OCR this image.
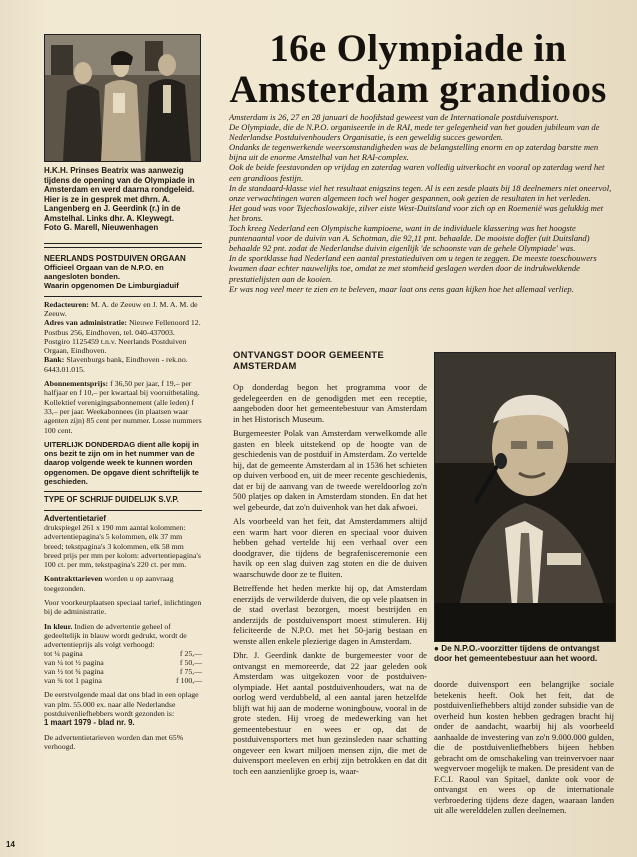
H.K.H. Prinses Beatrix was aanwezig tijdens de opening van de Olympiade in Amsterdam en werd daarna rondgeleid. Hier is ze in gesprek met dhrn. A. Langenberg en J. Geerdink (r.) in de Amstelhal. Links dhr. A. Kleywegt.

Foto G. Marell, Nieuwenhagen

NEERLANDS POSTDUIVEN ORGAAN

Officieel Orgaan van de N.P.O. en aangesloten bonden.

Waarin opgenomen De Limburgiaduif

Redacteuren: M. A. de Zeeuw en J. M. A. M. de Zeeuw.

Adres van administratie: Nieuwe Fellenoord 12. Postbus 256, Eindhoven, tel. 040-437003. Postgiro 1125459 t.n.v. Neerlands Postduiven Orgaan, Eindhoven.

Bank: Slavenburgs bank, Eindhoven - rek.no. 6443.01.015.

Abonnementsprijs: f 36,50 per jaar, f 19,– per halfjaar en f 10,– per kwartaal bij vooruitbetaling. Kollektief verenigingsabonnement (alle leden) f 33,– per jaar. Weekabonnees (in plaatsen waar agenten zijn) 85 cent per nummer. Losse nummers 100 cent.

UITERLIJK DONDERDAG dient alle kopij in ons bezit te zijn om in het nummer van de daarop volgende week te kunnen worden opgenomen. De opgave dient schriftelijk te geschieden.

TYPE OF SCHRIJF DUIDELIJK S.V.P.

Advertentietarief

drukspiegel 261 x 190 mm aantal kolommen: advertentiepagina's 5 kolommen, elk 37 mm breed; tekstpagina's 3 kolommen, elk 58 mm breed prijs per mm per kolom: advertentiepagina's 100 ct. per mm, tekstpagina's 220 ct. per mm.

Kontrakttarieven worden u op aanvraag toegezonden.

Voor voorkeurplaatsen speciaal tarief, inlichtingen bij de administratie.

In kleur. Indien de advertentie geheel of gedeeltelijk in blauw wordt gedrukt, wordt de advertentieprijs als volgt verhoogd:

tot ¼ pagina	f 25,—
van ¼ tot ½ pagina	f 50,—
van ½ tot ¾ pagina	f 75,—
van ¾ tot 1 pagina	f 100,—

De eerstvolgende maal dat ons blad in een oplage van plm. 55.000 ex. naar alle Nederlandse postduivenliefhebbers wordt gezonden is:

1 maart 1979 - blad nr. 9.

De advertentietarieven worden dan met 65% verhoogd.

14
16e Olympiade in
Amsterdam grandioos

Amsterdam is 26, 27 en 28 januari de hoofdstad geweest van de Internationale postduivensport.

De Olympiade, die de N.P.O. organiseerde in de RAI, mede ter gelegenheid van het gouden jubileum van de Nederlandse Postduivenhouders Organisatie, is een geweldig succes geworden.

Ondanks de tegenwerkende weersomstandigheden was de belangstelling enorm en op zaterdag barstte men bijna uit de enorme Amstelhal van het RAI-complex.

Ook de beide feestavonden op vrijdag en zaterdag waren volledig uitverkocht en vooral op zaterdag werd het een grandioos festijn.

In de standaard-klasse viel het resultaat enigszins tegen. Al is een zesde plaats bij 18 deelnemers niet oneervol, onze verwachtingen waren algemeen toch wel hoger gespannen, ook gezien de resultaten in het verleden.

Het goud was voor Tsjechoslowakije, zilver eiste West-Duitsland voor zich op en Roemenië was gelukkig met het brons.

Toch kreeg Nederland een Olympische kampioene, want in de individuele klassering was het hoogste puntenaantal voor de duivin van A. Schotman, die 92,11 pnt. behaalde. De mooiste doffer (uit Duitsland) behaalde 92 pnt. zodat de Nederlandse duivin eigenlijk 'de schoonste van de gehele Olympiade' was.

In de sportklasse had Nederland een aantal prestatieduiven om u tegen te zeggen. De meeste toeschouwers kwamen daar echter nauwelijks toe, omdat ze met stomheid geslagen werden door de indrukwekkende prestatielijsten aan de kooien.

Er was nog veel meer te zien en te beleven, maar laat ons eens gaan kijken hoe het allemaal verliep.

ONTVANGST DOOR GEMEENTE AMSTERDAM

Op donderdag begon het programma voor de gedelegeerden en de genodigden met een receptie, aangeboden door het gemeentebestuur van Amsterdam in het Historisch Museum.

Burgemeester Polak van Amsterdam verwelkomde alle gasten en bleek uitstekend op de hoogte van de geschiedenis van de postduif in Amsterdam. Zo vertelde hij, dat de gemeente Amsterdam al in 1536 het schieten op duiven verbood en, uit de meer recente geschiedenis, dat er bij de aanvang van de tweede wereldoorlog zo'n 500 platjes op daken in Amsterdam stonden. En dat het wel gebeurde, dat zo'n duivenhok van het dak afwoei.

Als voorbeeld van het feit, dat Amsterdammers altijd een warm hart voor dieren en speciaal voor duiven hebben gehad vertelde hij een verhaal over een doodgraver, die tijdens de begrafenisceremonie een havik op een slag duiven zag stoten en die de duiven waarschuwde door ze te fluiten.

Betreffende het heden merkte hij op, dat Amsterdam enerzijds de verwilderde duiven, die op vele plaatsen in de stad overlast bezorgen, moest bestrijden en anderzijds de postduivensport moest stimuleren. Hij feliciteerde de N.P.O. met het 50-jarig bestaan en wenste allen enkele plezierige dagen in Amsterdam.

Dhr. J. Geerdink dankte de burgemeester voor de ontvangst en memoreerde, dat 22 jaar geleden ook Amsterdam was uitgekozen voor de postduiven-olympiade. Het aantal postduivenhouders, wat na de oorlog werd verdubbeld, al een aantal jaren hetzelfde blijft wat hij aan de moderne woningbouw, vooral in de grote steden. Hij vroeg de medewerking van het gemeentebestuur en wees er op, dat de postduivensporters met hun gezinsleden naar schatting ongeveer een kwart miljoen mensen zijn, die met de duivensport meeleven en erbij zijn betrokken en dat dit toch een aanzienlijke groep is, waar-

● De N.P.O.-voorzitter tijdens de ontvangst door het gemeentebestuur aan het woord.

doorde duivensport een belangrijke sociale betekenis heeft. Ook het feit, dat de postduivenliefhebbers altijd zonder subsidie van de overheid hun kosten hebben gedragen bracht hij onder de aandacht, waarbij hij als voorbeeld aanhaalde de investering van zo'n 9.000.000 gulden, die de postduivenliefhebbers bijeen hebben gebracht om de omschakeling van treinvervoer naar wegvervoer mogelijk te maken. De president van de F.C.I. Raoul van Spitael, dankte ook voor de ontvangst en wees op de internationale verbroedering tijdens deze dagen, waaraan landen uit alle werelddelen zullen deelnemen.
